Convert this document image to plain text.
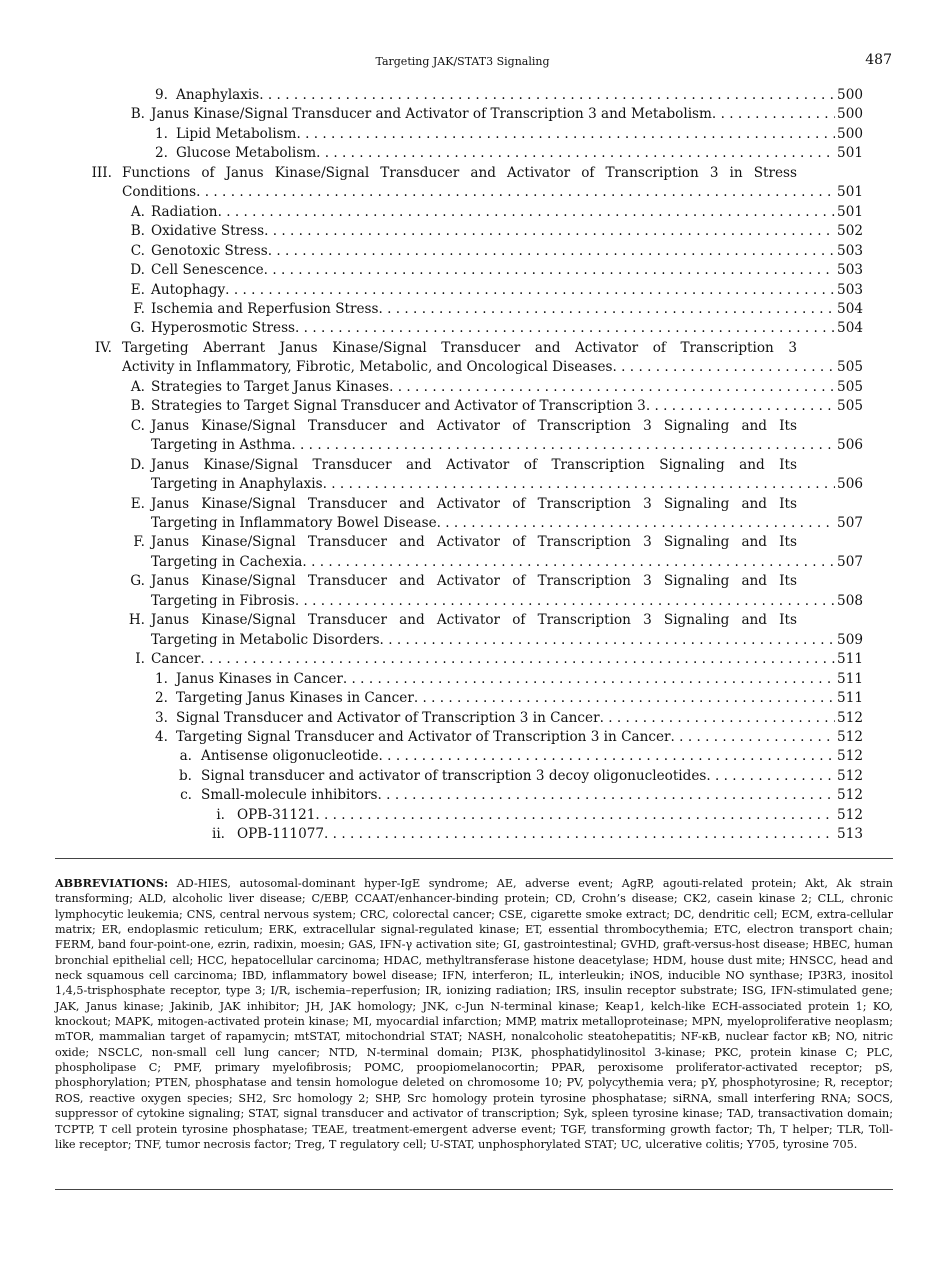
Targeting JAK/STAT3 Signaling	487
9. Anaphylaxis . . .	500
B. Janus Kinase/Signal Transducer and Activator of Transcription 3 and Metabolism . . .	500
1. Lipid Metabolism . . .	500
2. Glucose Metabolism . . .	501
III. Functions of Janus Kinase/Signal Transducer and Activator of Transcription 3 in Stress
Conditions . . .	501
A. Radiation . . .	501
B. Oxidative Stress . . .	502
C. Genotoxic Stress . . .	503
D. Cell Senescence . . .	503
E. Autophagy . . .	503
F. Ischemia and Reperfusion Stress . . .	504
G. Hyperosmotic Stress . . .	504
IV. Targeting Aberrant Janus Kinase/Signal Transducer and Activator of Transcription 3
Activity in Inflammatory, Fibrotic, Metabolic, and Oncological Diseases . . .	505
A. Strategies to Target Janus Kinases . . .	505
B. Strategies to Target Signal Transducer and Activator of Transcription 3 . . .	505
C. Janus Kinase/Signal Transducer and Activator of Transcription 3 Signaling and Its
Targeting in Asthma . . .	506
D. Janus Kinase/Signal Transducer and Activator of Transcription Signaling and Its
Targeting in Anaphylaxis . . .	506
E. Janus Kinase/Signal Transducer and Activator of Transcription 3 Signaling and Its
Targeting in Inflammatory Bowel Disease . . .	507
F. Janus Kinase/Signal Transducer and Activator of Transcription 3 Signaling and Its
Targeting in Cachexia . . .	507
G. Janus Kinase/Signal Transducer and Activator of Transcription 3 Signaling and Its
Targeting in Fibrosis . . .	508
H. Janus Kinase/Signal Transducer and Activator of Transcription 3 Signaling and Its
Targeting in Metabolic Disorders . . .	509
I. Cancer . . .	511
1. Janus Kinases in Cancer . . .	511
2. Targeting Janus Kinases in Cancer . . .	511
3. Signal Transducer and Activator of Transcription 3 in Cancer . . .	512
4. Targeting Signal Transducer and Activator of Transcription 3 in Cancer . . .	512
a. Antisense oligonucleotide . . .	512
b. Signal transducer and activator of transcription 3 decoy oligonucleotides . . .	512
c. Small-molecule inhibitors . . .	512
i. OPB-31121 . . .	512
ii. OPB-111077 . . .	513
ABBREVIATIONS: AD-HIES, autosomal-dominant hyper-IgE syndrome; AE, adverse event; AgRP, agouti-related protein; Akt, Ak strain transforming; ALD, alcoholic liver disease; C/EBP, CCAAT/enhancer-binding protein; CD, Crohn’s disease; CK2, casein kinase 2; CLL, chronic lymphocytic leukemia; CNS, central nervous system; CRC, colorectal cancer; CSE, cigarette smoke extract; DC, dendritic cell; ECM, extra-cellular matrix; ER, endoplasmic reticulum; ERK, extracellular signal-regulated kinase; ET, essential thrombocythemia; ETC, electron transport chain; FERM, band four-point-one, ezrin, radixin, moesin; GAS, IFN-γ activation site; GI, gastrointestinal; GVHD, graft-versus-host disease; HBEC, human bronchial epithelial cell; HCC, hepatocellular carcinoma; HDAC, methyltransferase histone deacetylase; HDM, house dust mite; HNSCC, head and neck squamous cell carcinoma; IBD, inflammatory bowel disease; IFN, interferon; IL, interleukin; iNOS, inducible NO synthase; IP3R3, inositol 1,4,5-trisphosphate receptor, type 3; I/R, ischemia–reperfusion; IR, ionizing radiation; IRS, insulin receptor substrate; ISG, IFN-stimulated gene; JAK, Janus kinase; Jakinib, JAK inhibitor; JH, JAK homology; JNK, c-Jun N-terminal kinase; Keap1, kelch-like ECH-associated protein 1; KO, knockout; MAPK, mitogen-activated protein kinase; MI, myocardial infarction; MMP, matrix metalloproteinase; MPN, myeloproliferative neoplasm; mTOR, mammalian target of rapamycin; mtSTAT, mitochondrial STAT; NASH, nonalcoholic steatohepatitis; NF-κB, nuclear factor κB; NO, nitric oxide; NSCLC, non-small cell lung cancer; NTD, N-terminal domain; PI3K, phosphatidylinositol 3-kinase; PKC, protein kinase C; PLC, phospholipase C; PMF, primary myelofibrosis; POMC, proopiomelanocortin; PPAR, peroxisome proliferator-activated receptor; pS, phosphorylation; PTEN, phosphatase and tensin homologue deleted on chromosome 10; PV, polycythemia vera; pY, phosphotyrosine; R, receptor; ROS, reactive oxygen species; SH2, Src homology 2; SHP, Src homology protein tyrosine phosphatase; siRNA, small interfering RNA; SOCS, suppressor of cytokine signaling; STAT, signal transducer and activator of transcription; Syk, spleen tyrosine kinase; TAD, transactivation domain; TCPTP, T cell protein tyrosine phosphatase; TEAE, treatment-emergent adverse event; TGF, transforming growth factor; Th, T helper; TLR, Toll-like receptor; TNF, tumor necrosis factor; Treg, T regulatory cell; U-STAT, unphosphorylated STAT; UC, ulcerative colitis; Y705, tyrosine 705.
